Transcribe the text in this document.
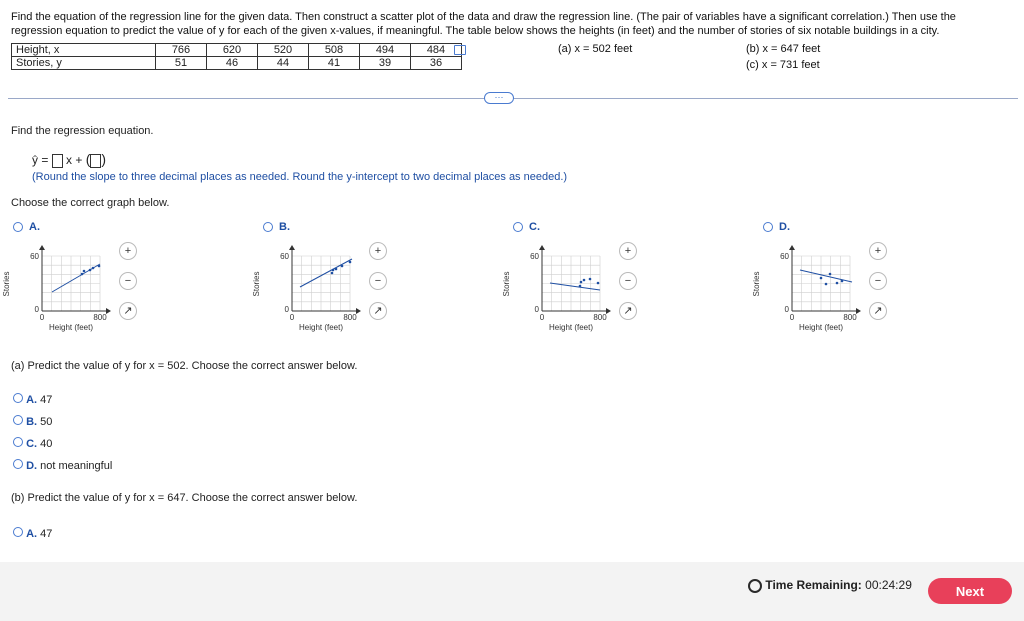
Find the equation of the regression line for the given data. Then construct a scatter plot of the data and draw the regression line. (The pair of variables have a significant correlation.) Then use the
regression equation to predict the value of y for each of the given x-values, if meaningful. The table below shows the heights (in feet) and the number of stories of six notable buildings in a city.
Height, x	766	620	520	508	494	484
Stories, y	51	46	44	41	39	36
(a) x = 502 feet	(b) x = 647 feet
(c) x = 731 feet
⋯
Find the regression equation.
ŷ = x + ( )
(Round the slope to three decimal places as needed. Round the y-intercept to two decimal places as needed.)
Choose the correct graph below.
A.
60
0
0	800
Height (feet)
Stories
+
−
↗
B.
60
0
0	800
Height (feet)
Stories
+
−
↗
C.
60
0
0	800
Height (feet)
Stories
+
−
↗
D.
60
0
0	800
Height (feet)
Stories
+
−
↗
(a) Predict the value of y for x = 502. Choose the correct answer below.
A. 47
B. 50
C. 40
D. not meaningful
(b) Predict the value of y for x = 647. Choose the correct answer below.
A. 47
Time Remaining: 00:24:29	Next
